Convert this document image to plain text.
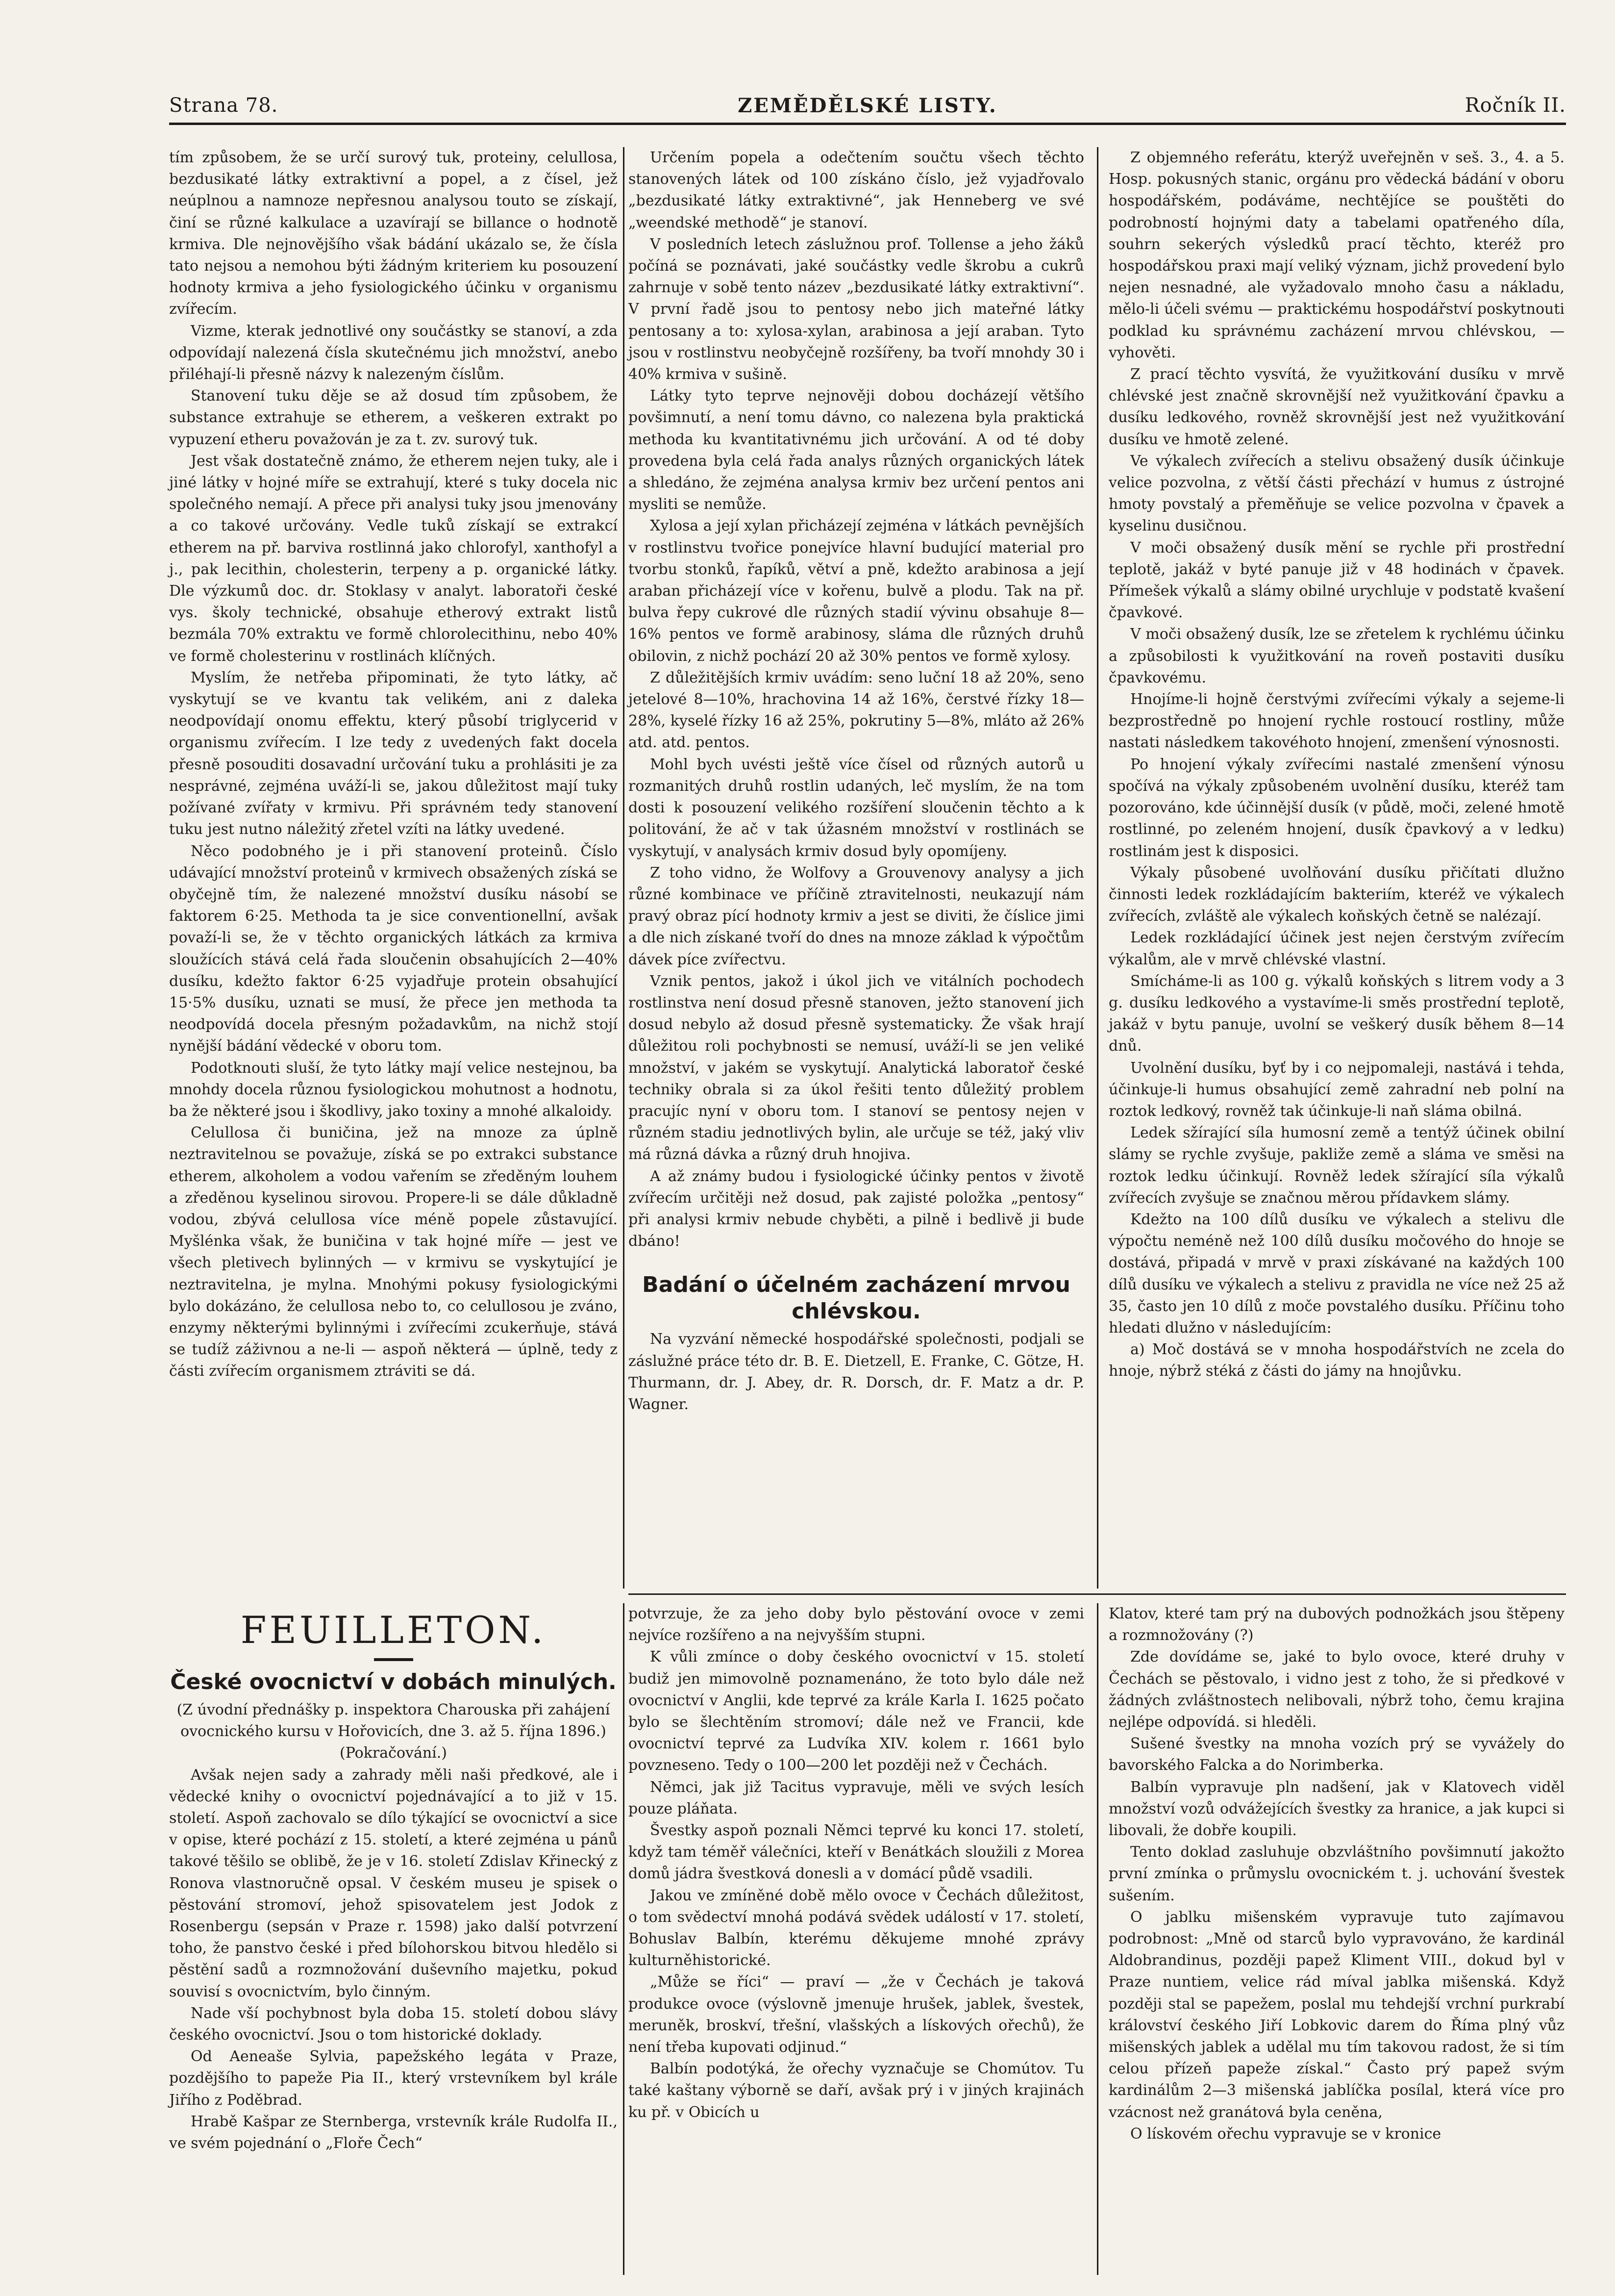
Strana 78.	ZEMĚDĚLSKÉ LISTY.	Ročník II.

tím způsobem, že se určí surový tuk, proteiny, celullosa, bezdusikaté látky extraktivní a popel, a z čísel, jež neúplnou a namnoze nepřesnou analysou touto se získají, činí se různé kalkulace a uzavírají se billance o hodnotě krmiva. Dle nejnovějšího však bádání ukázalo se, že čísla tato nejsou a nemohou býti žádným kriteriem ku posouzení hodnoty krmiva a jeho fysiologického účinku v organismu zvířecím.

Vizme, kterak jednotlivé ony součástky se stanoví, a zda odpovídají nalezená čísla skutečnému jich množství, anebo přiléhají-li přesně názvy k nalezeným číslům.

Stanovení tuku děje se až dosud tím způsobem, že substance extrahuje se etherem, a veškeren extrakt po vypuzení etheru považován je za t. zv. surový tuk.

Jest však dostatečně známo, že etherem nejen tuky, ale i jiné látky v hojné míře se extrahují, které s tuky docela nic společného nemají. A přece při analysi tuky jsou jmenovány a co takové určovány. Vedle tuků získají se extrakcí etherem na př. barviva rostlinná jako chlorofyl, xanthofyl a j., pak lecithin, cholesterin, terpeny a p. organické látky. Dle výzkumů doc. dr. Stoklasy v analyt. laboratoři české vys. školy technické, obsahuje etherový extrakt listů bezmála 70% extraktu ve formě chlorolecithinu, nebo 40% ve formě cholesterinu v rostlinách klíčných.

Myslím, že netřeba připominati, že tyto látky, ač vyskytují se ve kvantu tak velikém, ani z daleka neodpovídají onomu effektu, který působí triglycerid v organismu zvířecím. I lze tedy z uvedených fakt docela přesně posouditi dosavadní určování tuku a prohlásiti je za nesprávné, zejména uváží-li se, jakou důležitost mají tuky požívané zvířaty v krmivu. Při správném tedy stanovení tuku jest nutno náležitý zřetel vzíti na látky uvedené.

Něco podobného je i při stanovení proteinů. Číslo udávající množství proteinů v krmivech obsažených získá se obyčejně tím, že nalezené množství dusíku násobí se faktorem 6·25. Methoda ta je sice conventionellní, avšak považí-li se, že v těchto organických látkách za krmiva sloužících stává celá řada sloučenin obsahujících 2—40% dusíku, kdežto faktor 6·25 vyjadřuje protein obsahující 15·5% dusíku, uznati se musí, že přece jen methoda ta neodpovídá docela přesným požadavkům, na nichž stojí nynější bádání vědecké v oboru tom.

Podotknouti sluší, že tyto látky mají velice nestejnou, ba mnohdy docela různou fysiologickou mohutnost a hodnotu, ba že některé jsou i škodlivy, jako toxiny a mnohé alkaloidy.

Celullosa či buničina, jež na mnoze za úplně neztravitelnou se považuje, získá se po extrakci substance etherem, alkoholem a vodou vařením se zředěným louhem a zředěnou kyselinou sirovou. Propere-li se dále důkladně vodou, zbývá celullosa více méně popele zůstavující. Myšlénka však, že buničina v tak hojné míře — jest ve všech pletivech bylinných — v krmivu se vyskytující je neztravitelna, je mylna. Mnohými pokusy fysiologickými bylo dokázáno, že celullosa nebo to, co celullosou je zváno, enzymy některými bylinnými i zvířecími zcukerňuje, stává se tudíž záživnou a ne-li — aspoň některá — úplně, tedy z části zvířecím organismem ztráviti se dá.

Určením popela a odečtením součtu všech těchto stanovených látek od 100 získáno číslo, jež vyjadřovalo „bezdusikaté látky extraktivné“, jak Henneberg ve své „weendské methodě“ je stanoví.

V posledních letech záslužnou prof. Tollense a jeho žáků počíná se poznávati, jaké součástky vedle škrobu a cukrů zahrnuje v sobě tento název „bezdusikaté látky extraktivní“. V první řadě jsou to pentosy nebo jich mateřné látky pentosany a to: xylosa-xylan, arabinosa a její araban. Tyto jsou v rostlinstvu neobyčejně rozšířeny, ba tvoří mnohdy 30 i 40% krmiva v sušině.

Látky tyto teprve nejnověji dobou docházejí většího povšimnutí, a není tomu dávno, co nalezena byla praktická methoda ku kvantitativnému jich určování. A od té doby provedena byla celá řada analys různých organických látek a shledáno, že zejména analysa krmiv bez určení pentos ani mysliti se nemůže.

Xylosa a její xylan přicházejí zejména v látkách pevnějších v rostlinstvu tvořice ponejvíce hlavní budující material pro tvorbu stonků, řapíků, větví a pně, kdežto arabinosa a její araban přicházejí více v kořenu, bulvě a plodu. Tak na př. bulva řepy cukrové dle různých stadií vývinu obsahuje 8—16% pentos ve formě arabinosy, sláma dle různých druhů obilovin, z nichž pochází 20 až 30% pentos ve formě xylosy.

Z důležitějších krmiv uvádím: seno luční 18 až 20%, seno jetelové 8—10%, hrachovina 14 až 16%, čerstvé řízky 18—28%, kyselé řízky 16 až 25%, pokrutiny 5—8%, mláto až 26% atd. atd. pentos.

Mohl bych uvésti ještě více čísel od různých autorů u rozmanitých druhů rostlin udaných, leč myslím, že na tom dosti k posouzení velikého rozšíření sloučenin těchto a k politování, že ač v tak úžasném množství v rostlinách se vyskytují, v analysách krmiv dosud byly opomíjeny.

Z toho vidno, že Wolfovy a Grouvenovy analysy a jich různé kombinace ve příčině ztravitelnosti, neukazují nám pravý obraz pící hodnoty krmiv a jest se diviti, že číslice jimi a dle nich získané tvoří do dnes na mnoze základ k výpočtům dávek píce zvířectvu.

Vznik pentos, jakož i úkol jich ve vitálních pochodech rostlinstva není dosud přesně stanoven, ježto stanovení jich dosud nebylo až dosud přesně systematicky. Že však hrají důležitou roli pochybnosti se nemusí, uváží-li se jen veliké množství, v jakém se vyskytují. Analytická laboratoř české techniky obrala si za úkol řešiti tento důležitý problem pracujíc nyní v oboru tom. I stanoví se pentosy nejen v různém stadiu jednotlivých bylin, ale určuje se též, jaký vliv má různá dávka a různý druh hnojiva.

A až známy budou i fysiologické účinky pentos v životě zvířecím určitěji než dosud, pak zajisté položka „pentosy“ při analysi krmiv nebude chyběti, a pilně i bedlivě ji bude dbáno!

Badání o účelném zacházení mrvou chlévskou.

Na vyzvání německé hospodářské společnosti, podjali se záslužné práce této dr. B. E. Dietzell, E. Franke, C. Götze, H. Thurmann, dr. J. Abey, dr. R. Dorsch, dr. F. Matz a dr. P. Wagner.

Z objemného referátu, kterýž uveřejněn v seš. 3., 4. a 5. Hosp. pokusných stanic, orgánu pro vědecká bádání v oboru hospodářském, podáváme, nechtějíce se pouštěti do podrobností hojnými daty a tabelami opatřeného díla, souhrn sekerých výsledků prací těchto, kteréž pro hospodářskou praxi mají veliký význam, jichž provedení bylo nejen nesnadné, ale vyžadovalo mnoho času a nákladu, mělo-li účeli svému — praktickému hospodářství poskytnouti podklad ku správnému zacházení mrvou chlévskou, — vyhověti.

Z prací těchto vysvítá, že využitkování dusíku v mrvě chlévské jest značně skrovnější než využitkování čpavku a dusíku ledkového, rovněž skrovnější jest než využitkování dusíku ve hmotě zelené.

Ve výkalech zvířecích a stelivu obsažený dusík účinkuje velice pozvolna, z větší části přechází v humus z ústrojné hmoty povstalý a přeměňuje se velice pozvolna v čpavek a kyselinu dusičnou.

V moči obsažený dusík mění se rychle při prostřední teplotě, jakáž v byté panuje již v 48 hodinách v čpavek. Přímešek výkalů a slámy obilné urychluje v podstatě kvašení čpavkové.

V moči obsažený dusík, lze se zřetelem k rychlému účinku a způsobilosti k využitkování na roveň postaviti dusíku čpavkovému.

Hnojíme-li hojně čerstvými zvířecími výkaly a sejeme-li bezprostředně po hnojení rychle rostoucí rostliny, může nastati následkem takovéhoto hnojení, zmenšení výnosnosti.

Po hnojení výkaly zvířecími nastalé zmenšení výnosu spočívá na výkaly způsobeném uvolnění dusíku, kteréž tam pozorováno, kde účinnější dusík (v půdě, moči, zelené hmotě rostlinné, po zeleném hnojení, dusík čpavkový a v ledku) rostlinám jest k disposici.

Výkaly působené uvolňování dusíku přičítati dlužno činnosti ledek rozkládajícím bakteriím, kteréž ve výkalech zvířecích, zvláště ale výkalech koňských četně se nalézají.

Ledek rozkládající účinek jest nejen čerstvým zvířecím výkalům, ale v mrvě chlévské vlastní.

Smícháme-li as 100 g. výkalů koňských s litrem vody a 3 g. dusíku ledkového a vystavíme-li směs prostřední teplotě, jakáž v bytu panuje, uvolní se veškerý dusík během 8—14 dnů.

Uvolnění dusíku, byť by i co nejpomaleji, nastává i tehda, účinkuje-li humus obsahující země zahradní neb polní na roztok ledkový, rovněž tak účinkuje-li naň sláma obilná.

Ledek sžírající síla humosní země a tentýž účinek obilní slámy se rychle zvyšuje, pakliže země a sláma ve směsi na roztok ledku účinkují. Rovněž ledek sžírající síla výkalů zvířecích zvyšuje se značnou měrou přídavkem slámy.

Kdežto na 100 dílů dusíku ve výkalech a stelivu dle výpočtu neméně než 100 dílů dusíku močového do hnoje se dostává, připadá v mrvě v praxi získávané na každých 100 dílů dusíku ve výkalech a stelivu z pravidla ne více než 25 až 35, často jen 10 dílů z moče povstalého dusíku. Příčinu toho hledati dlužno v následujícím:

a) Moč dostává se v mnoha hospodářstvích ne zcela do hnoje, nýbrž stéká z části do jámy na hnojůvku.

FEUILLETON.
České ovocnictví v dobách minulých.

(Z úvodní přednášky p. inspektora Charouska při zahájení ovocnického kursu v Hořovicích, dne 3. až 5. října 1896.)

(Pokračování.)

Avšak nejen sady a zahrady měli naši předkové, ale i vědecké knihy o ovocnictví pojednávající a to již v 15. století. Aspoň zachovalo se dílo týkající se ovocnictví a sice v opise, které pochází z 15. století, a které zejména u pánů takové těšilo se oblibě, že je v 16. století Zdislav Křinecký z Ronova vlastnoručně opsal. V českém museu je spisek o pěstování stromoví, jehož spisovatelem jest Jodok z Rosenbergu (sepsán v Praze r. 1598) jako další potvrzení toho, že panstvo české i před bílohorskou bitvou hledělo si pěstění sadů a rozmnožování duševního majetku, pokud souvisí s ovocnictvím, bylo činným.

Nade vší pochybnost byla doba 15. století dobou slávy českého ovocnictví. Jsou o tom historické doklady.

Od Aeneaše Sylvia, papežského legáta v Praze, pozdějšího to papeže Pia II., který vrstevníkem byl krále Jiřího z Poděbrad.

Hrabě Kašpar ze Sternberga, vrstevník krále Rudolfa II., ve svém pojednání o „Floře Čech“

potvrzuje, že za jeho doby bylo pěstování ovoce v zemi nejvíce rozšířeno a na nejvyšším stupni.

K vůli zmínce o doby českého ovocnictví v 15. století budiž jen mimovolně poznamenáno, že toto bylo dále než ovocnictví v Anglii, kde teprvé za krále Karla I. 1625 počato bylo se šlechtěním stromoví; dále než ve Francii, kde ovocnictví teprvé za Ludvíka XIV. kolem r. 1661 bylo povzneseno. Tedy o 100—200 let později než v Čechách.

Němci, jak již Tacitus vypravuje, měli ve svých lesích pouze pláňata.

Švestky aspoň poznali Němci teprvé ku konci 17. století, když tam téměř válečníci, kteří v Benátkách sloužili z Morea domů jádra švestková donesli a v domácí půdě vsadili.

Jakou ve zmíněné době mělo ovoce v Čechách důležitost, o tom svědectví mnohá podává svědek událostí v 17. století, Bohuslav Balbín, kterému děkujeme mnohé zprávy kulturněhistorické.

„Může se říci“ — praví — „že v Čechách je taková produkce ovoce (výslovně jmenuje hrušek, jablek, švestek, meruněk, broskví, třešní, vlašských a lískových ořechů), že není třeba kupovati odjinud.“

Balbín podotýká, že ořechy vyznačuje se Chomútov. Tu také kaštany výborně se daří, avšak prý i v jiných krajinách ku př. v Obicích u

Klatov, které tam prý na dubových podnožkách jsou štěpeny a rozmnožovány (?)

Zde dovídáme se, jaké to bylo ovoce, které druhy v Čechách se pěstovalo, i vidno jest z toho, že si předkové v žádných zvláštnostech nelibovali, nýbrž toho, čemu krajina nejlépe odpovídá. si hleděli.

Sušené švestky na mnoha vozích prý se vyvážely do bavorského Falcka a do Norimberka.

Balbín vypravuje pln nadšení, jak v Klatovech viděl množství vozů odvážejících švestky za hranice, a jak kupci si libovali, že dobře koupili.

Tento doklad zasluhuje obzvláštního povšimnutí jakožto první zmínka o průmyslu ovocnickém t. j. uchování švestek sušením.

O jablku mišenském vypravuje tuto zajímavou podrobnost: „Mně od starců bylo vypravováno, že kardinál Aldobrandinus, později papež Kliment VIII., dokud byl v Praze nuntiem, velice rád míval jablka mišenská. Když později stal se papežem, poslal mu tehdejší vrchní purkrabí království českého Jiří Lobkovic darem do Říma plný vůz mišenských jablek a udělal mu tím takovou radost, že si tím celou přízeň papeže získal.“ Často prý papež svým kardinálům 2—3 mišenská jablíčka posílal, která více pro vzácnost než granátová byla ceněna,

O lískovém ořechu vypravuje se v kronice
